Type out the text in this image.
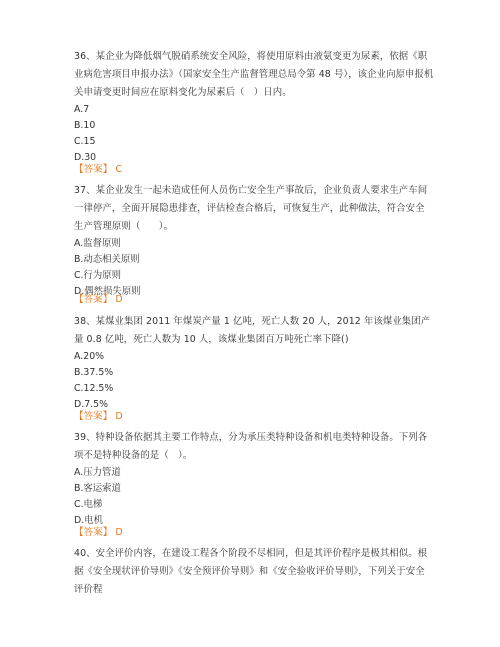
36、某企业为降低烟气脱硝系统安全风险，将使用原料由液氨变更为尿素，依据《职业病危害项目申报办法》（国家安全生产监督管理总局令第 48 号），该企业向原申报机关申请变更时间应在原料变化为尿素后（   ）日内。

A.7

B.10

C.15

D.30

【答案】 C

37、某企业发生一起未造成任何人员伤亡安全生产事故后，企业负责人要求生产车间一律停产，全面开展隐患排查，评估检查合格后，可恢复生产，此种做法，符合安全生产管理原则（      ）。

A.监督原则

B.动态相关原则

C.行为原则

D.偶然损失原则

【答案】 D

38、某煤业集团 2011 年煤炭产量 1 亿吨，死亡人数 20 人，2012 年该煤业集团产量 0.8 亿吨，死亡人数为 10 人，该煤业集团百万吨死亡率下降()

A.20%

B.37.5%

C.12.5%

D.7.5%

【答案】 D

39、特种设备依据其主要工作特点，分为承压类特种设备和机电类特种设备。下列各项不是特种设备的是（   ）。

A.压力管道

B.客运索道

C.电梯

D.电机

【答案】 D

40、安全评价内容，在建设工程各个阶段不尽相同，但是其评价程序是极其相似。根据《安全现状评价导则》《安全预评价导则》和《安全验收评价导则》，下列关于安全评价程
